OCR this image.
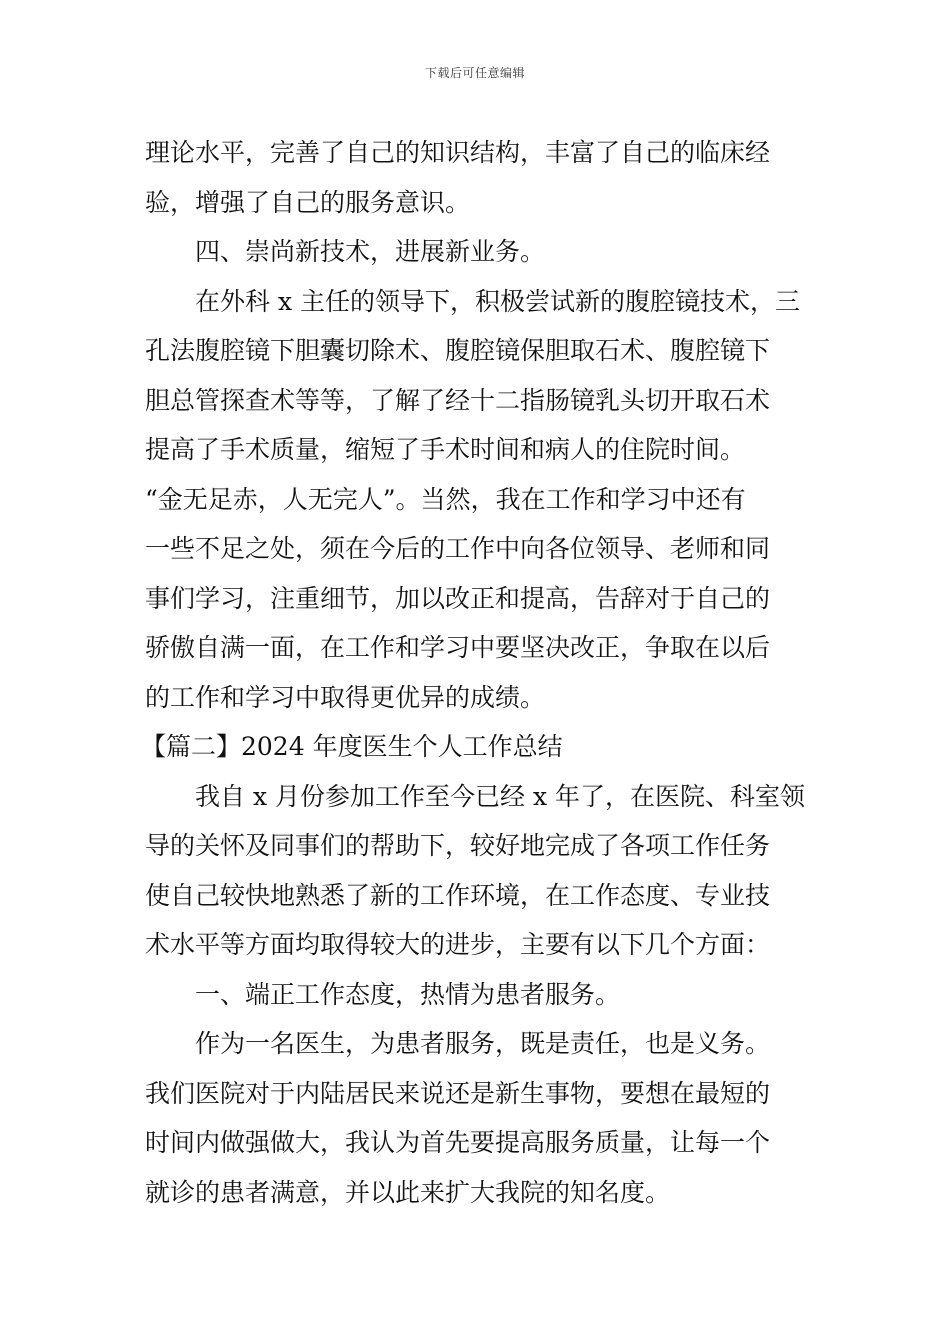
下载后可任意编辑
理论水平，完善了自己的知识结构，丰富了自己的临床经
验，增强了自己的服务意识。
四、崇尚新技术，进展新业务。
在外科 x 主任的领导下，积极尝试新的腹腔镜技术，三
孔法腹腔镜下胆囊切除术、腹腔镜保胆取石术、腹腔镜下
胆总管探查术等等，了解了经十二指肠镜乳头切开取石术
提高了手术质量，缩短了手术时间和病人的住院时间。
“金无足赤，人无完人”。当然，我在工作和学习中还有
一些不足之处，须在今后的工作中向各位领导、老师和同
事们学习，注重细节，加以改正和提高，告辞对于自己的
骄傲自满一面，在工作和学习中要坚决改正，争取在以后
的工作和学习中取得更优异的成绩。
【篇二】2024 年度医生个人工作总结
我自 x 月份参加工作至今已经 x 年了，在医院、科室领
导的关怀及同事们的帮助下，较好地完成了各项工作任务
使自己较快地熟悉了新的工作环境，在工作态度、专业技
术水平等方面均取得较大的进步，主要有以下几个方面：
一、端正工作态度，热情为患者服务。
作为一名医生，为患者服务，既是责任，也是义务。
我们医院对于内陆居民来说还是新生事物，要想在最短的
时间内做强做大，我认为首先要提高服务质量，让每一个
就诊的患者满意，并以此来扩大我院的知名度。
